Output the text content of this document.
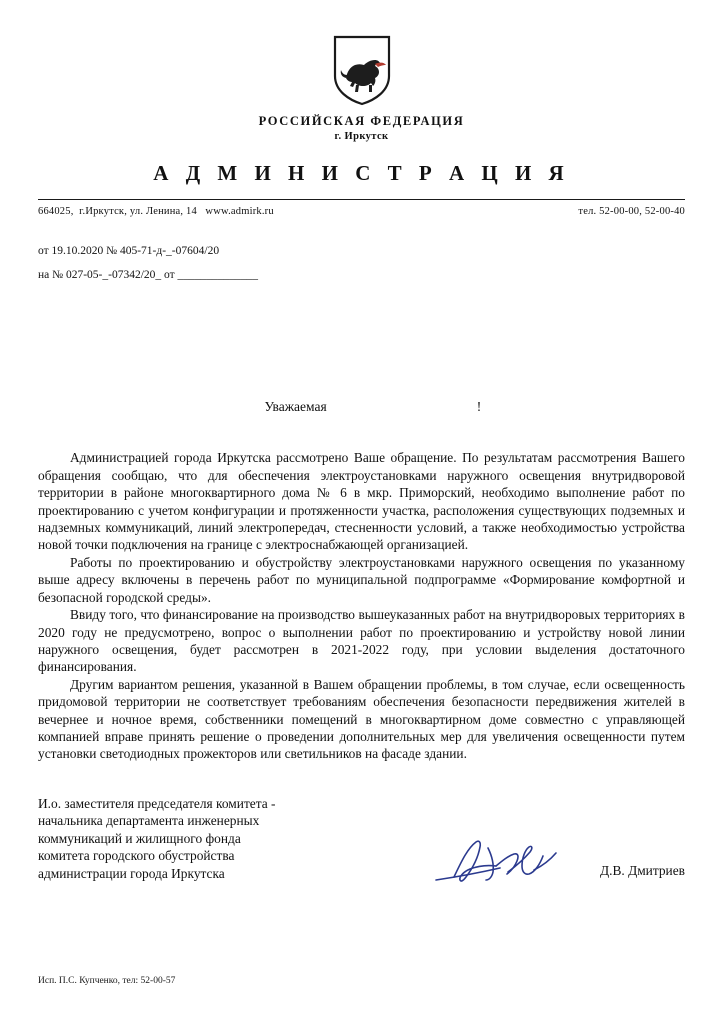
РОССИЙСКАЯ ФЕДЕРАЦИЯ
г. Иркутск
А Д М И Н И С Т Р А Ц И Я
664025,  г.Иркутск, ул. Ленина, 14   www.admirk.ru	тел. 52-00-00, 52-00-40
от 19.10.2020 № 405-71-д-_-07604/20
на № 027-05-_-07342/20_ от ______________

Уважаемая	!

Администрацией города Иркутска рассмотрено Ваше обращение. По результатам рассмотрения Вашего обращения сообщаю, что для обеспечения электроустановками наружного освещения внутридворовой территории в районе многоквартирного дома № 6 в мкр. Приморский, необходимо выполнение работ по проектированию с учетом конфигурации и протяженности участка, расположения существующих подземных и надземных коммуникаций, линий электропередач, стесненности условий, а также необходимостью устройства новой точки подключения на границе с электроснабжающей организацией.

Работы по проектированию и обустройству электроустановками наружного освещения по указанному выше адресу включены в перечень работ по муниципальной подпрограмме «Формирование комфортной и безопасной городской среды».

Ввиду того, что финансирование на производство вышеуказанных работ на внутридворовых территориях в 2020 году не предусмотрено, вопрос о выполнении работ по проектированию и устройству новой линии наружного освещения, будет рассмотрен в 2021-2022 году, при условии выделения достаточного финансирования.

Другим вариантом решения, указанной в Вашем обращении проблемы, в том случае, если освещенность придомовой территории не соответствует требованиям обеспечения безопасности передвижения жителей в вечернее и ночное время, собственники помещений в многоквартирном доме совместно с управляющей компанией вправе принять решение о проведении дополнительных мер для увеличения освещенности путем установки светодиодных прожекторов или светильников на фасаде здании.

И.о. заместителя председателя комитета -
начальника департамента инженерных
коммуникаций и жилищного фонда
комитета городского обустройства
администрации города Иркутска	Д.В. Дмитриев
Исп. П.С. Купченко, тел: 52-00-57
